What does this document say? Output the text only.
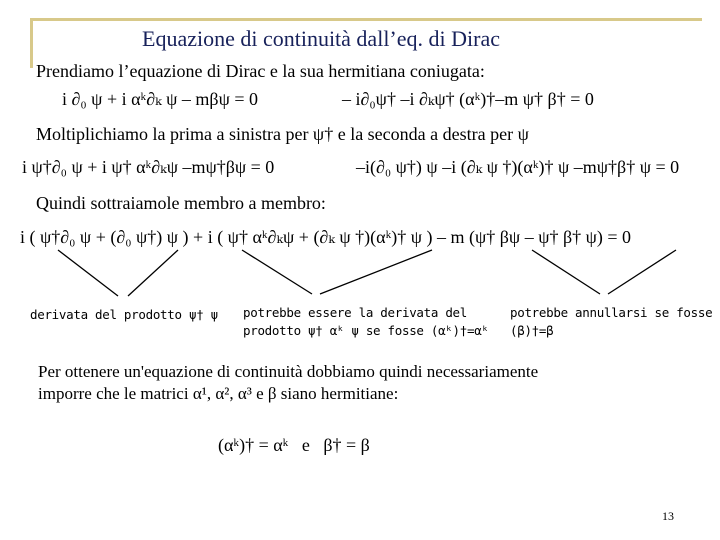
Equazione di continuità dall’eq. di Dirac
Prendiamo l’equazione di Dirac e la sua hermitiana coniugata:
i ∂₀ ψ + i αᵏ∂ₖ ψ – mβψ = 0	– i∂₀ψ† –i ∂ₖψ† (αᵏ)†–m ψ† β† = 0
Moltiplichiamo la prima a sinistra per ψ† e la seconda a destra per ψ
i ψ†∂₀ ψ + i ψ† αᵏ∂ₖψ –mψ†βψ = 0	–i(∂₀ ψ†) ψ –i (∂ₖ ψ †)(αᵏ)† ψ –mψ†β† ψ = 0
Quindi sottraiamole membro a membro:
i ( ψ†∂₀ ψ + (∂₀ ψ†) ψ ) + i ( ψ† αᵏ∂ₖψ + (∂ₖ ψ †)(αᵏ)† ψ ) – m (ψ† βψ – ψ† β† ψ) = 0
derivata del prodotto ψ† ψ potrebbe essere la derivata del
prodotto ψ† αᵏ ψ se fosse (αᵏ)†=αᵏ
potrebbe annullarsi se fosse
(β)†=β
Per ottenere un'equazione di continuità dobbiamo quindi necessariamente
imporre che le matrici α¹, α², α³ e β siano hermitiane:
(αᵏ)† = αᵏ   e   β† = β
13
